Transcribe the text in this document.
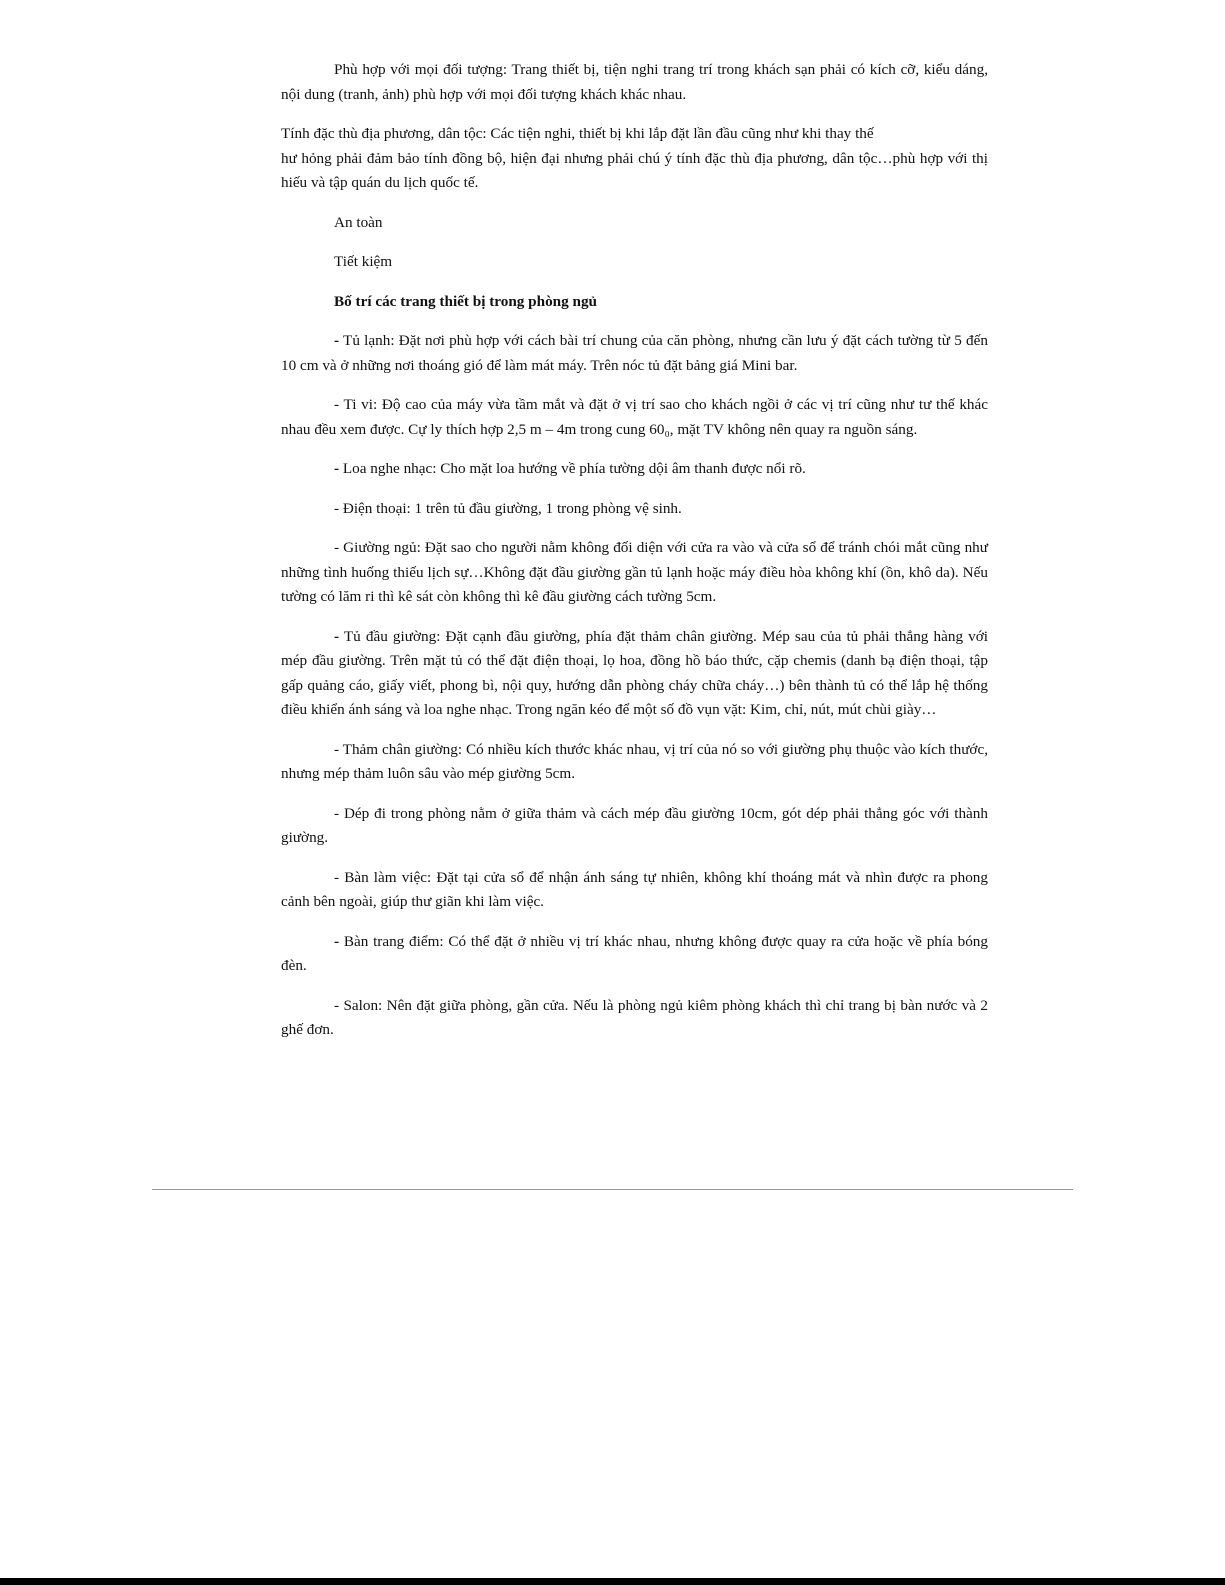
Phù hợp với mọi đối tượng: Trang thiết bị, tiện nghi trang trí trong khách sạn phải có kích cỡ, kiểu dáng, nội dung (tranh, ảnh) phù hợp với mọi đối tượng khách khác nhau.

Tính đặc thù địa phương, dân tộc: Các tiện nghi, thiết bị khi lắp đặt lần đầu cũng như khi thay thế
hư hỏng phải đảm bảo tính đồng bộ, hiện đại nhưng phải chú ý tính đặc thù địa phương, dân tộc…phù hợp với thị hiếu và tập quán du lịch quốc tế.

An toàn

Tiết kiệm

Bố trí các trang thiết bị trong phòng ngủ

- Tủ lạnh: Đặt nơi phù hợp với cách bài trí chung của căn phòng, nhưng cần lưu ý đặt cách tường từ 5 đến 10 cm và ở những nơi thoáng gió để làm mát máy. Trên nóc tủ đặt bảng giá Mini bar.

- Ti vi: Độ cao của máy vừa tầm mắt và đặt ở vị trí sao cho khách ngồi ở các vị trí cũng như tư thế khác nhau đều xem được. Cự ly thích hợp 2,5 m – 4m trong cung 60₀, mặt TV không nên quay ra nguồn sáng.

- Loa nghe nhạc: Cho mặt loa hướng về phía tường dội âm thanh được nổi rõ.

- Điện thoại: 1 trên tủ đầu giường, 1 trong phòng vệ sinh.

- Giường ngủ: Đặt sao cho người nằm không đối diện với cửa ra vào và cửa sổ để tránh chói mắt cũng như những tình huống thiếu lịch sự…Không đặt đầu giường gần tủ lạnh hoặc máy điều hòa không khí (ồn, khô da). Nếu tường có lăm ri thì kê sát còn không thì kê đầu giường cách tường 5cm.

- Tủ đầu giường: Đặt cạnh đầu giường, phía đặt thảm chân giường. Mép sau của tủ phải thẳng hàng với mép đầu giường. Trên mặt tủ có thể đặt điện thoại, lọ hoa, đồng hồ báo thức, cặp chemis (danh bạ điện thoại, tập gấp quảng cáo, giấy viết, phong bì, nội quy, hướng dẫn phòng cháy chữa cháy…) bên thành tủ có thể lắp hệ thống điều khiển ánh sáng và loa nghe nhạc. Trong ngăn kéo để một số đồ vụn vặt: Kim, chỉ, nút, mút chùi giày…

- Thảm chân giường: Có nhiều kích thước khác nhau, vị trí của nó so với giường phụ thuộc vào kích thước, nhưng mép thảm luôn sâu vào mép giường 5cm.

- Dép đi trong phòng nằm ở giữa thảm và cách mép đầu giường 10cm, gót dép phải thẳng góc với thành giường.

- Bàn làm việc: Đặt tại cửa sổ để nhận ánh sáng tự nhiên, không khí thoáng mát và nhìn được ra phong cảnh bên ngoài, giúp thư giãn khi làm việc.

- Bàn trang điểm: Có thể đặt ở nhiều vị trí khác nhau, nhưng không được quay ra cửa hoặc về phía bóng đèn.

- Salon: Nên đặt giữa phòng, gần cửa. Nếu là phòng ngủ kiêm phòng khách thì chỉ trang bị bàn nước và 2 ghế đơn.
